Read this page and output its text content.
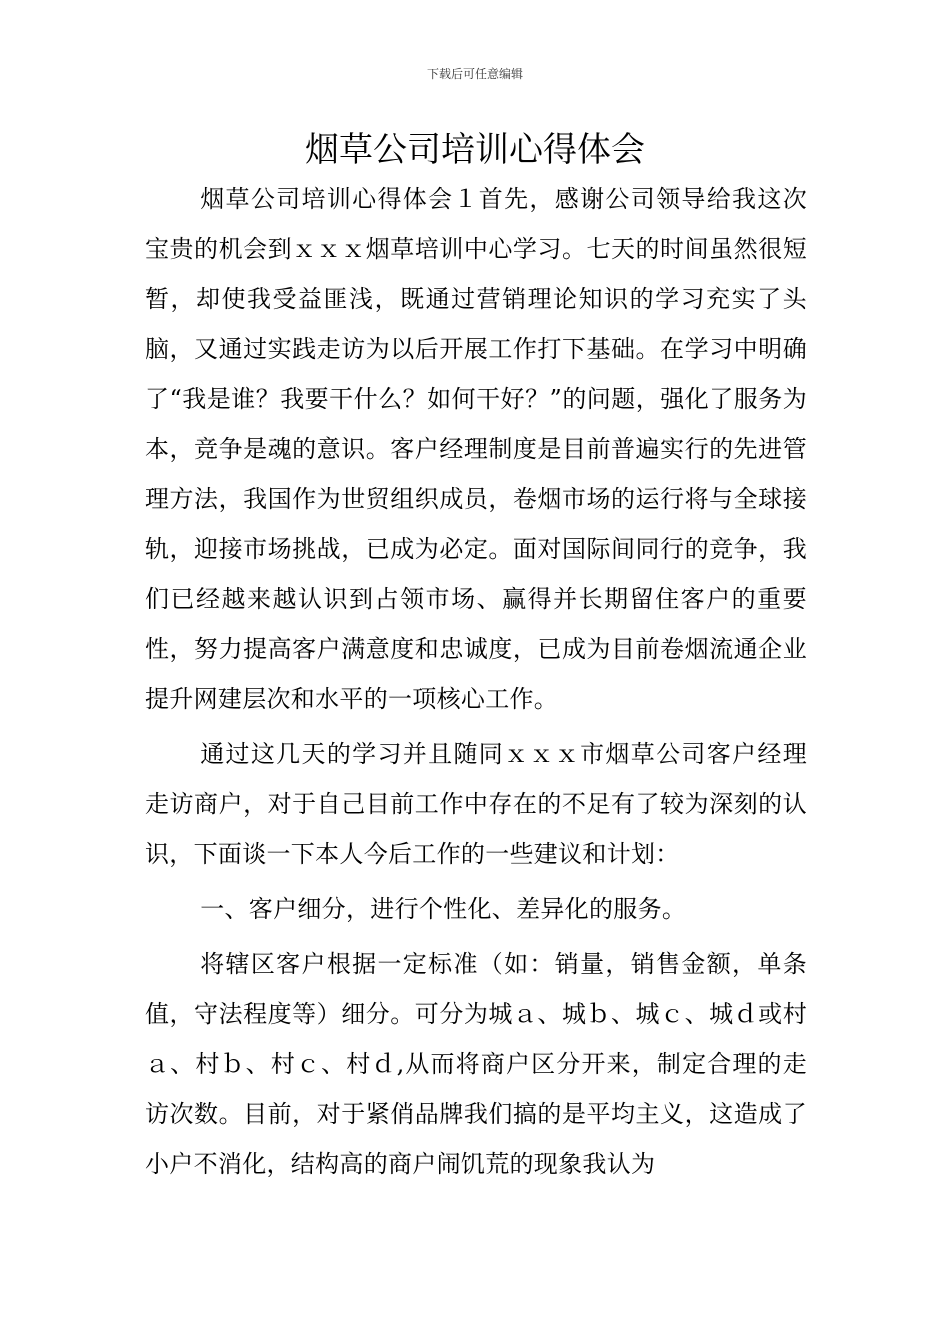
下载后可任意编辑
烟草公司培训心得体会

烟草公司培训心得体会１首先，感谢公司领导给我这次宝贵的机会到ｘｘｘ烟草培训中心学习。七天的时间虽然很短暂，却使我受益匪浅，既通过营销理论知识的学习充实了头脑，又通过实践走访为以后开展工作打下基础。在学习中明确了“我是谁？我要干什么？如何干好？”的问题，强化了服务为本，竞争是魂的意识。客户经理制度是目前普遍实行的先进管理方法，我国作为世贸组织成员，卷烟市场的运行将与全球接轨，迎接市场挑战，已成为必定。面对国际间同行的竞争，我们已经越来越认识到占领市场、赢得并长期留住客户的重要性，努力提高客户满意度和忠诚度，已成为目前卷烟流通企业提升网建层次和水平的一项核心工作。

通过这几天的学习并且随同ｘｘｘ市烟草公司客户经理走访商户，对于自己目前工作中存在的不足有了较为深刻的认识，下面谈一下本人今后工作的一些建议和计划：

一、客户细分，进行个性化、差异化的服务。

将辖区客户根据一定标准（如：销量，销售金额，单条值，守法程度等）细分。可分为城ａ、城ｂ、城ｃ、城ｄ或村ａ、村ｂ、村ｃ、村ｄ,从而将商户区分开来，制定合理的走访次数。目前，对于紧俏品牌我们搞的是平均主义，这造成了小户不消化，结构高的商户闹饥荒的现象我认为
